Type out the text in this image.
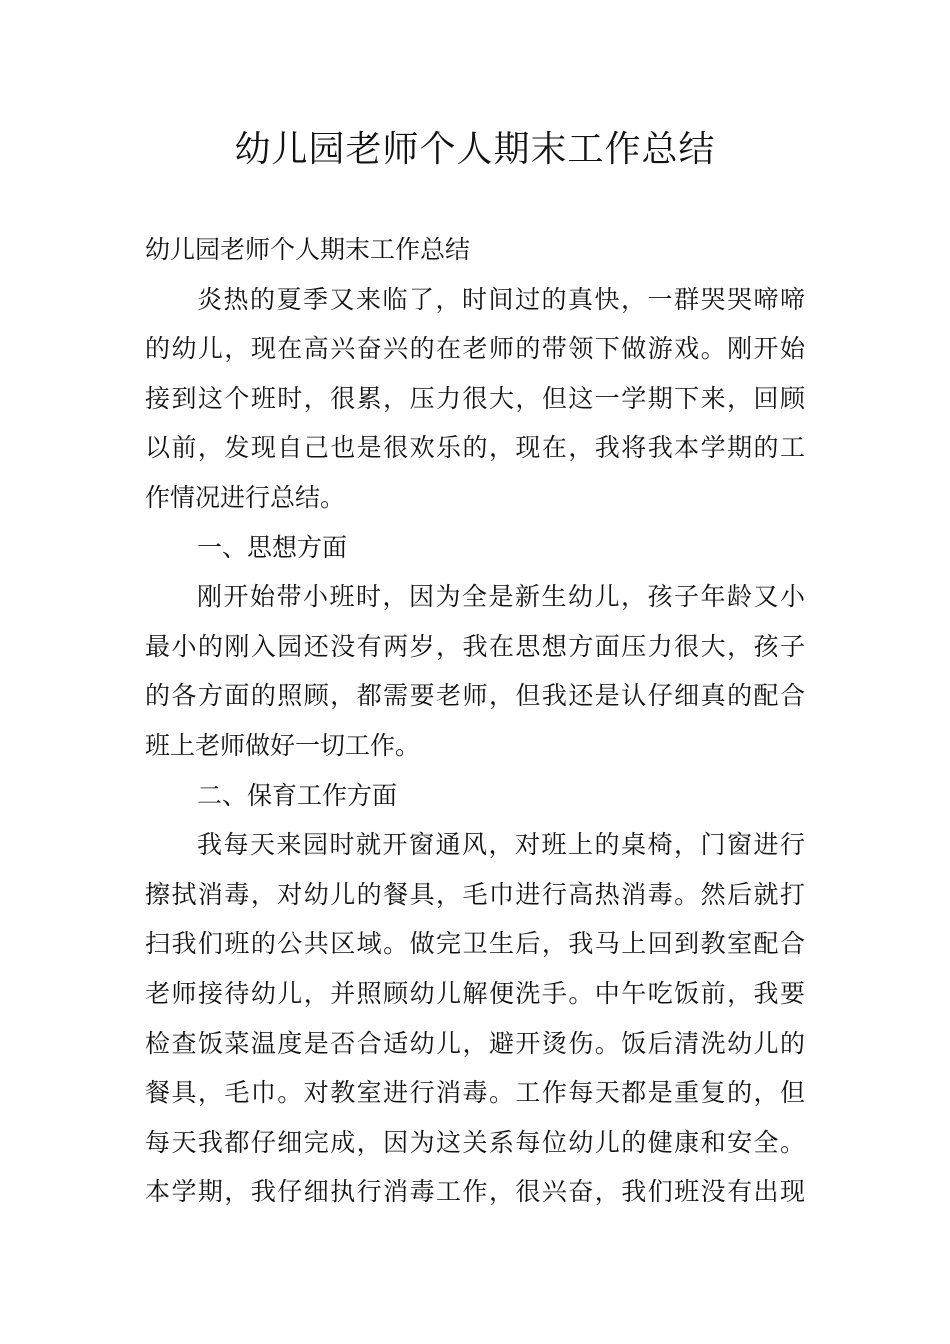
幼儿园老师个人期末工作总结

幼儿园老师个人期末工作总结

炎热的夏季又来临了，时间过的真快，一群哭哭啼啼

的幼儿，现在高兴奋兴的在老师的带领下做游戏。刚开始

接到这个班时，很累，压力很大，但这一学期下来，回顾

以前，发现自己也是很欢乐的，现在，我将我本学期的工

作情况进行总结。

一、思想方面

刚开始带小班时，因为全是新生幼儿，孩子年龄又小

最小的刚入园还没有两岁，我在思想方面压力很大，孩子

的各方面的照顾，都需要老师，但我还是认仔细真的配合

班上老师做好一切工作。

二、保育工作方面

我每天来园时就开窗通风，对班上的桌椅，门窗进行

擦拭消毒，对幼儿的餐具，毛巾进行高热消毒。然后就打

扫我们班的公共区域。做完卫生后，我马上回到教室配合

老师接待幼儿，并照顾幼儿解便洗手。中午吃饭前，我要

检查饭菜温度是否合适幼儿，避开烫伤。饭后清洗幼儿的

餐具，毛巾。对教室进行消毒。工作每天都是重复的，但

每天我都仔细完成，因为这关系每位幼儿的健康和安全。

本学期，我仔细执行消毒工作，很兴奋，我们班没有出现
